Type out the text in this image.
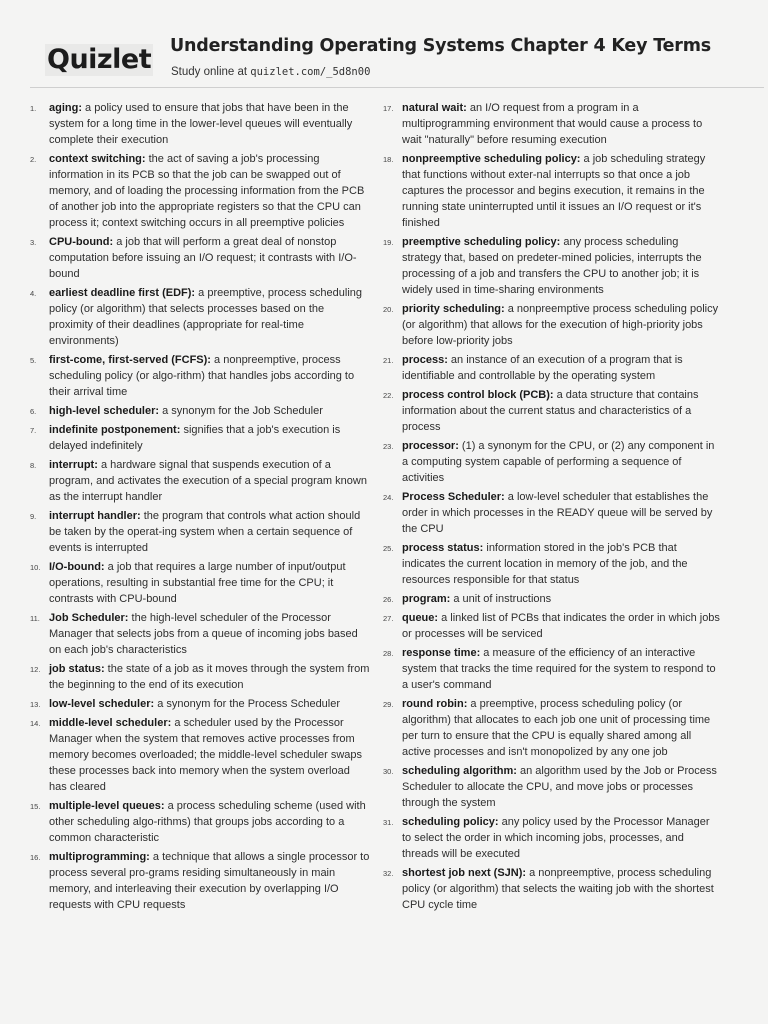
Quizlet Understanding Operating Systems Chapter 4 Key Terms
Study online at quizlet.com/_5d8n00
1.	aging: a policy used to ensure that jobs that have been in the system for a long time in the lower-level queues will eventually complete their execution
2.	context switching: the act of saving a job's processing information in its PCB so that the job can be swapped out of memory, and of loading the processing information from the PCB of another job into the appropriate registers so that the CPU can process it; context switching occurs in all preemptive policies
3.	CPU-bound: a job that will perform a great deal of nonstop computation before issuing an I/O request; it contrasts with I/O-bound
4.	earliest deadline first (EDF): a preemptive, process scheduling policy (or algorithm) that selects processes based on the proximity of their deadlines (appropriate for real-time environments)
5.	first-come, first-served (FCFS): a nonpreemptive, process scheduling policy (or algo-rithm) that handles jobs according to their arrival time
6.	high-level scheduler: a synonym for the Job Scheduler
7.	indefinite postponement: signifies that a job's execution is delayed indefinitely
8.	interrupt: a hardware signal that suspends execution of a program, and activates the execution of a special program known as the interrupt handler
9.	interrupt handler: the program that controls what action should be taken by the operat-ing system when a certain sequence of events is interrupted
10. I/O-bound: a job that requires a large number of input/output operations, resulting in substantial free time for the CPU; it contrasts with CPU-bound
11. Job Scheduler: the high-level scheduler of the Processor Manager that selects jobs from a queue of incoming jobs based on each job's characteristics
12. job status: the state of a job as it moves through the system from the beginning to the end of its execution
13. low-level scheduler: a synonym for the Process Scheduler
14. middle-level scheduler: a scheduler used by the Processor Manager when the system that removes active processes from memory becomes overloaded; the middle-level scheduler swaps these processes back into memory when the system overload has cleared
15. multiple-level queues: a process scheduling scheme (used with other scheduling algo-rithms) that groups jobs according to a common characteristic
16. multiprogramming: a technique that allows a single processor to process several pro-grams residing simultaneously in main memory, and interleaving their execution by overlapping I/O requests with CPU requests
17. natural wait: an I/O request from a program in a multiprogramming environment that would cause a process to wait "naturally" before resuming execution
18. nonpreemptive scheduling policy: a job scheduling strategy that functions without exter-nal interrupts so that once a job captures the processor and begins execution, it remains in the running state uninterrupted until it issues an I/O request or it's finished
19. preemptive scheduling policy: any process scheduling strategy that, based on predeter-mined policies, interrupts the processing of a job and transfers the CPU to another job; it is widely used in time-sharing environments
20. priority scheduling: a nonpreemptive process scheduling policy (or algorithm) that allows for the execution of high-priority jobs before low-priority jobs
21. process: an instance of an execution of a program that is identifiable and controllable by the operating system
22. process control block (PCB): a data structure that contains information about the current status and characteristics of a process
23. processor: (1) a synonym for the CPU, or (2) any component in a computing system capable of performing a sequence of activities
24. Process Scheduler: a low-level scheduler that establishes the order in which processes in the READY queue will be served by the CPU
25. process status: information stored in the job's PCB that indicates the current location in memory of the job, and the resources responsible for that status
26. program: a unit of instructions
27. queue: a linked list of PCBs that indicates the order in which jobs or processes will be serviced
28. response time: a measure of the efficiency of an interactive system that tracks the time required for the system to respond to a user's command
29. round robin: a preemptive, process scheduling policy (or algorithm) that allocates to each job one unit of processing time per turn to ensure that the CPU is equally shared among all active processes and isn't monopolized by any one job
30. scheduling algorithm: an algorithm used by the Job or Process Scheduler to allocate the CPU, and move jobs or processes through the system
31. scheduling policy: any policy used by the Processor Manager to select the order in which incoming jobs, processes, and threads will be executed
32. shortest job next (SJN): a nonpreemptive, process scheduling policy (or algorithm) that selects the waiting job with the shortest CPU cycle time
